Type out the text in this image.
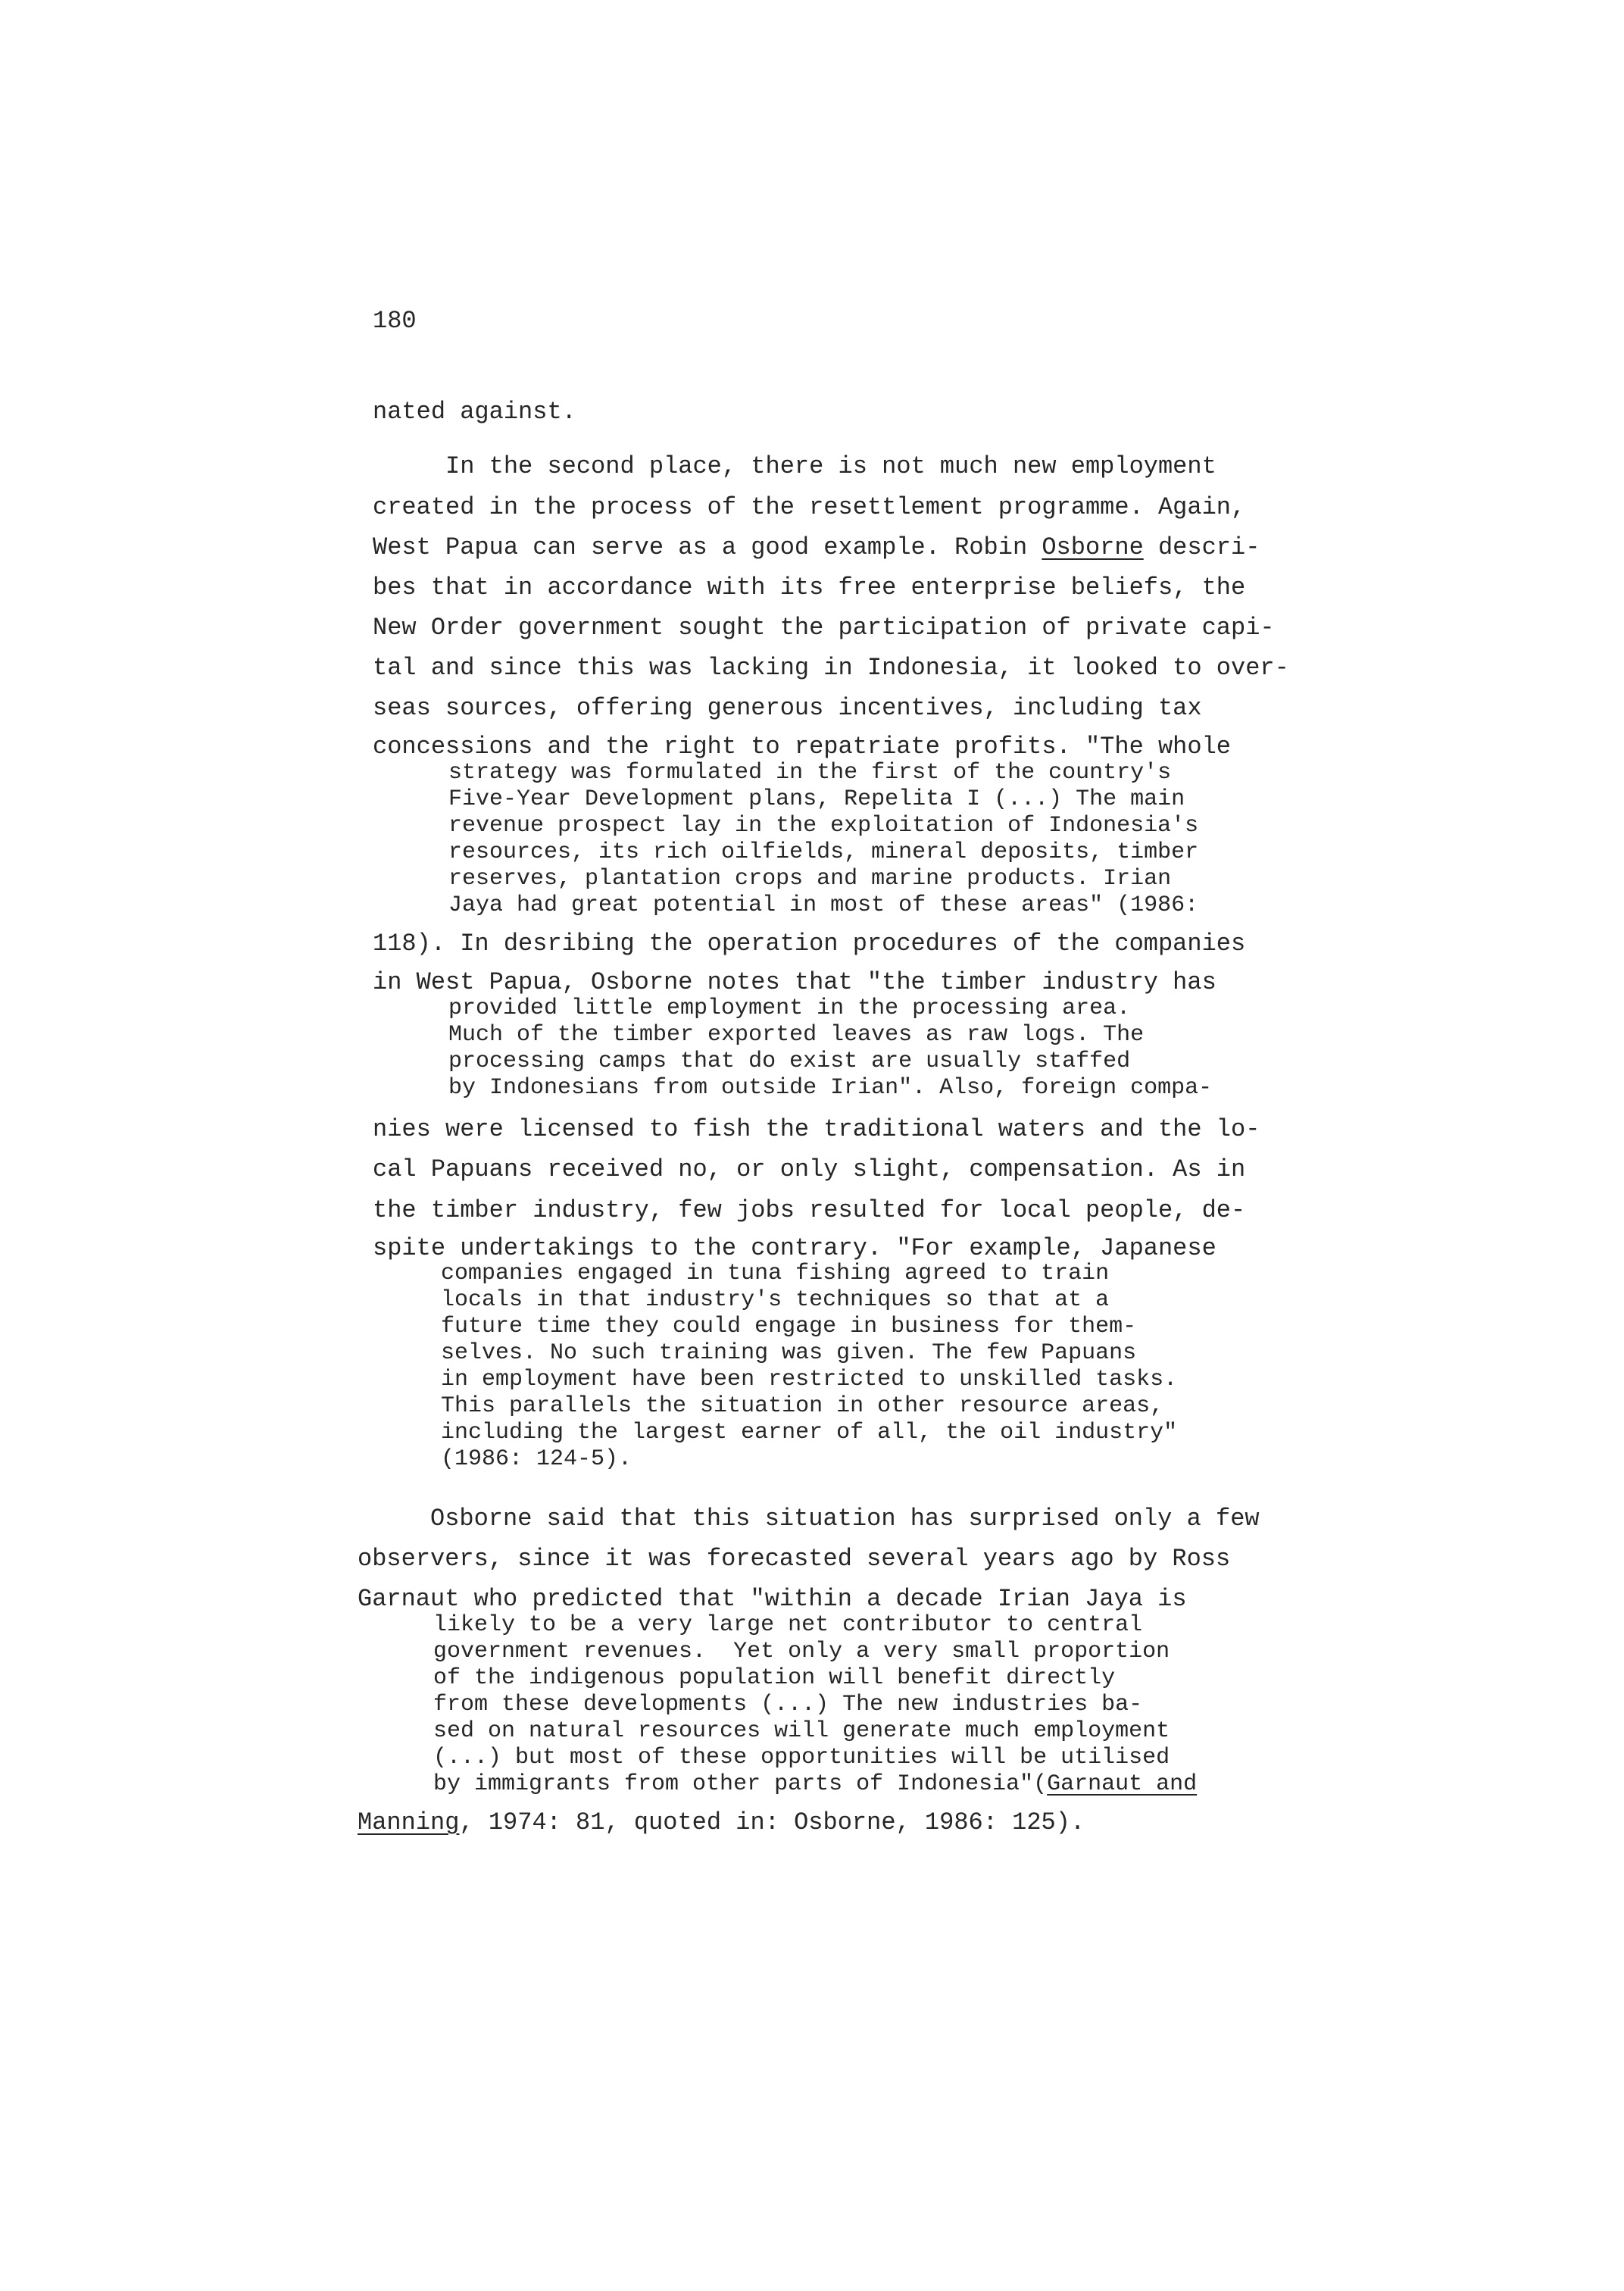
180
nated against.
In the second place, there is not much new employment
created in the process of the resettlement programme. Again,
West Papua can serve as a good example. Robin Osborne descri-
bes that in accordance with its free enterprise beliefs, the
New Order government sought the participation of private capi-
tal and since this was lacking in Indonesia, it looked to over-
seas sources, offering generous incentives, including tax
concessions and the right to repatriate profits. "The whole
strategy was formulated in the first of the country's
Five-Year Development plans, Repelita I (...) The main
revenue prospect lay in the exploitation of Indonesia's
resources, its rich oilfields, mineral deposits, timber
reserves, plantation crops and marine products. Irian
Jaya had great potential in most of these areas" (1986:
118). In desribing the operation procedures of the companies
in West Papua, Osborne notes that "the timber industry has
provided little employment in the processing area.
Much of the timber exported leaves as raw logs. The
processing camps that do exist are usually staffed
by Indonesians from outside Irian". Also, foreign compa-
nies were licensed to fish the traditional waters and the lo-
cal Papuans received no, or only slight, compensation. As in
the timber industry, few jobs resulted for local people, de-
spite undertakings to the contrary. "For example, Japanese
companies engaged in tuna fishing agreed to train
locals in that industry's techniques so that at a
future time they could engage in business for them-
selves. No such training was given. The few Papuans
in employment have been restricted to unskilled tasks.
This parallels the situation in other resource areas,
including the largest earner of all, the oil industry"
(1986: 124-5).
Osborne said that this situation has surprised only a few
observers, since it was forecasted several years ago by Ross
Garnaut who predicted that "within a decade Irian Jaya is
likely to be a very large net contributor to central
government revenues.  Yet only a very small proportion
of the indigenous population will benefit directly
from these developments (...) The new industries ba-
sed on natural resources will generate much employment
(...) but most of these opportunities will be utilised
by immigrants from other parts of Indonesia"(Garnaut and
Manning, 1974: 81, quoted in: Osborne, 1986: 125).
